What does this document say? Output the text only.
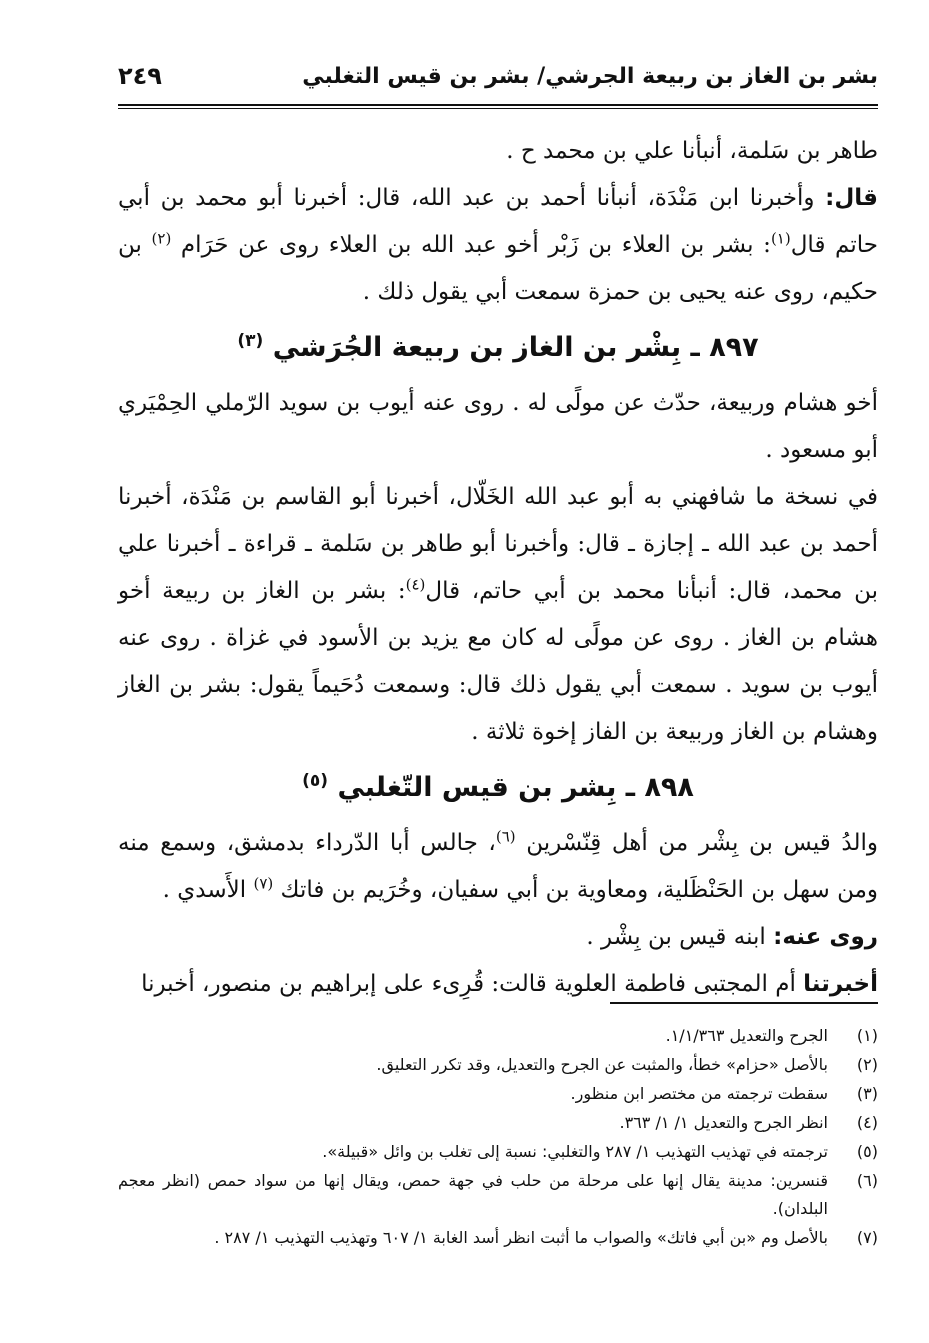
بشر بن الغاز بن ربيعة الجرشي/ بشر بن قيس التغلبي
٢٤٩

طاهر بن سَلمة، أنبأنا علي بن محمد ح .

قال: وأخبرنا ابن مَنْدَة، أنبأنا أحمد بن عبد الله، قال: أخبرنا أبو محمد بن أبي حاتم قال$^{(١)}$: بشر بن العلاء بن زَبْر أخو عبد الله بن العلاء روى عن حَرَام $^{(٢)}$ بن حكيم، روى عنه يحيى بن حمزة سمعت أبي يقول ذلك .

٨٩٧ ـ بِشْر بن الغاز بن ربيعة الجُرَشي $^{(٣)}$

أخو هشام وربيعة، حدّث عن مولًى له . روى عنه أيوب بن سويد الرّملي الحِمْيَري أبو مسعود .

في نسخة ما شافهني به أبو عبد الله الخَلّال، أخبرنا أبو القاسم بن مَنْدَة، أخبرنا أحمد بن عبد الله ـ إجازة ـ قال: وأخبرنا أبو طاهر بن سَلمة ـ قراءة ـ أخبرنا علي بن محمد، قال: أنبأنا محمد بن أبي حاتم، قال$^{(٤)}$: بشر بن الغاز بن ربيعة أخو هشام بن الغاز . روى عن مولًى له كان مع يزيد بن الأسود في غزاة . روى عنه أيوب بن سويد . سمعت أبي يقول ذلك قال: وسمعت دُحَيماً يقول: بشر بن الغاز وهشام بن الغاز وربيعة بن الفاز إخوة ثلاثة .

٨٩٨ ـ بِشر بن قيس التّغلبي $^{(٥)}$

والدُ قيس بن بِشْر من أهل قِنّسْرين $^{(٦)}$، جالس أبا الدّرداء بدمشق، وسمع منه ومن سهل بن الحَنْظَلية، ومعاوية بن أبي سفيان، وخُرَيم بن فاتك $^{(٧)}$ الأَسدي .

روى عنه: ابنه قيس بن بِشْر .

أخبرتنا أم المجتبى فاطمة العلوية قالت: قُرِىء على إبراهيم بن منصور، أخبرنا

(١)
الجرح والتعديل ١/١/٣٦٣.
(٢)
بالأصل «حزام» خطأ، والمثبت عن الجرح والتعديل، وقد تكرر التعليق.
(٣)
سقطت ترجمته من مختصر ابن منظور.
(٤)
انظر الجرح والتعديل ١/ ١/ ٣٦٣.
(٥)
ترجمته في تهذيب التهذيب ١/ ٢٨٧ والتغلبي: نسبة إلى تغلب بن وائل «قبيلة».
(٦)
قنسرين: مدينة يقال إنها على مرحلة من حلب في جهة حمص، ويقال إنها من سواد حمص (انظر معجم البلدان).
(٧)
بالأصل وم «بن أبي فاتك» والصواب ما أثبت انظر أسد الغابة ١/ ٦٠٧ وتهذيب التهذيب ١/ ٢٨٧ .
